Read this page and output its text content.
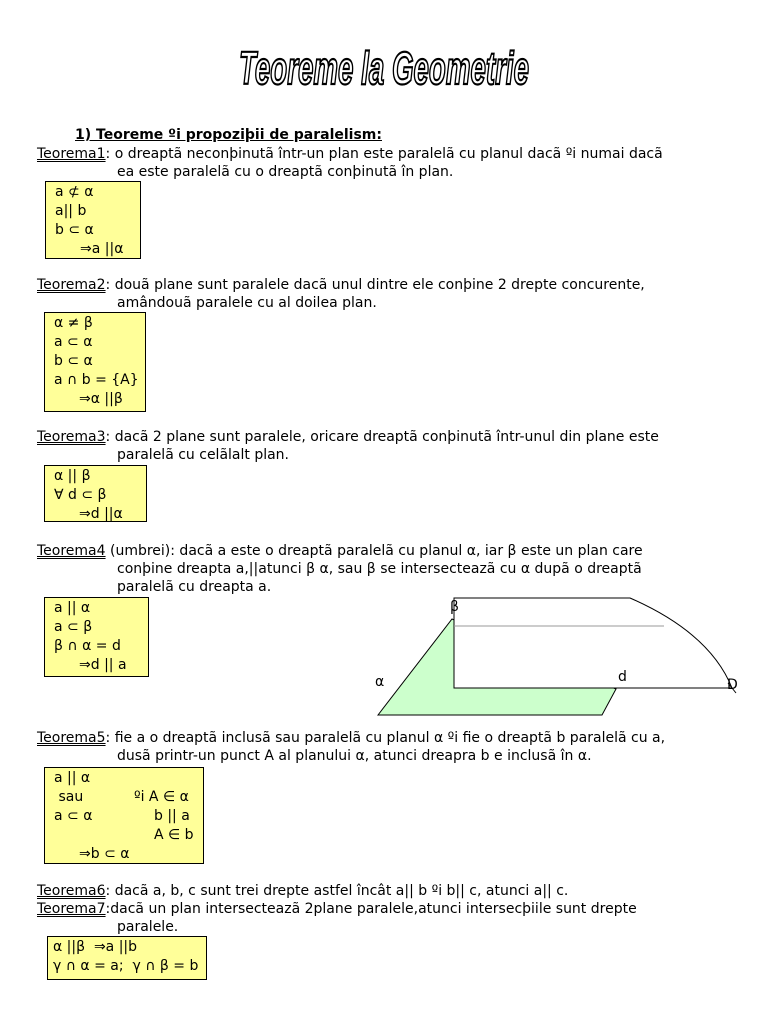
Teoreme la Geometrie
1) Teoreme ºi propoziþii de paralelism:
Teorema1: o dreaptã neconþinutã într-un plan este paralelã cu planul dacã ºi numai dacã
ea este paralelã cu o dreaptã conþinutã în plan.
a ⊄ α
a|| b
b ⊂ α
⇒a ||α
Teorema2: douã plane sunt paralele dacã unul dintre ele conþine 2 drepte concurente,
amândouã paralele cu al doilea plan.
α ≠ β
a ⊂ α
b ⊂ α
a ∩ b = {A}
⇒α ||β
Teorema3: dacã 2 plane sunt paralele, oricare dreaptã conþinutã într-unul din plane este
paralelã cu celãlalt plan.
α || β
∀ d ⊂ β
⇒d ||α
Teorema4 (umbrei): dacã a este o dreaptã paralelã cu planul α, iar β este un plan care
conþine dreapta a,||atunci β α, sau β se intersecteazã cu α dupã o dreaptã
paralelã cu dreapta a.
a || α
a ⊂ β
β ∩ α = d
⇒d || a
β
α	d	D
Teorema5: fie a o dreaptã inclusã sau paralelã cu planul α ºi fie o dreaptã b paralelã cu a,
dusã printr-un punct A al planului α, atunci dreapra b e inclusã în α.
a || α
sau	ºi A ∈ α
a ⊂ α	b || a
A ∈ b
⇒b ⊂ α
Teorema6: dacã a, b, c sunt trei drepte astfel încât a|| b ºi b|| c, atunci a|| c.
Teorema7:dacã un plan intersecteazã 2plane paralele,atunci intersecþiile sunt drepte
paralele.
α ||β  ⇒a ||b
γ ∩ α = a;  γ ∩ β = b
